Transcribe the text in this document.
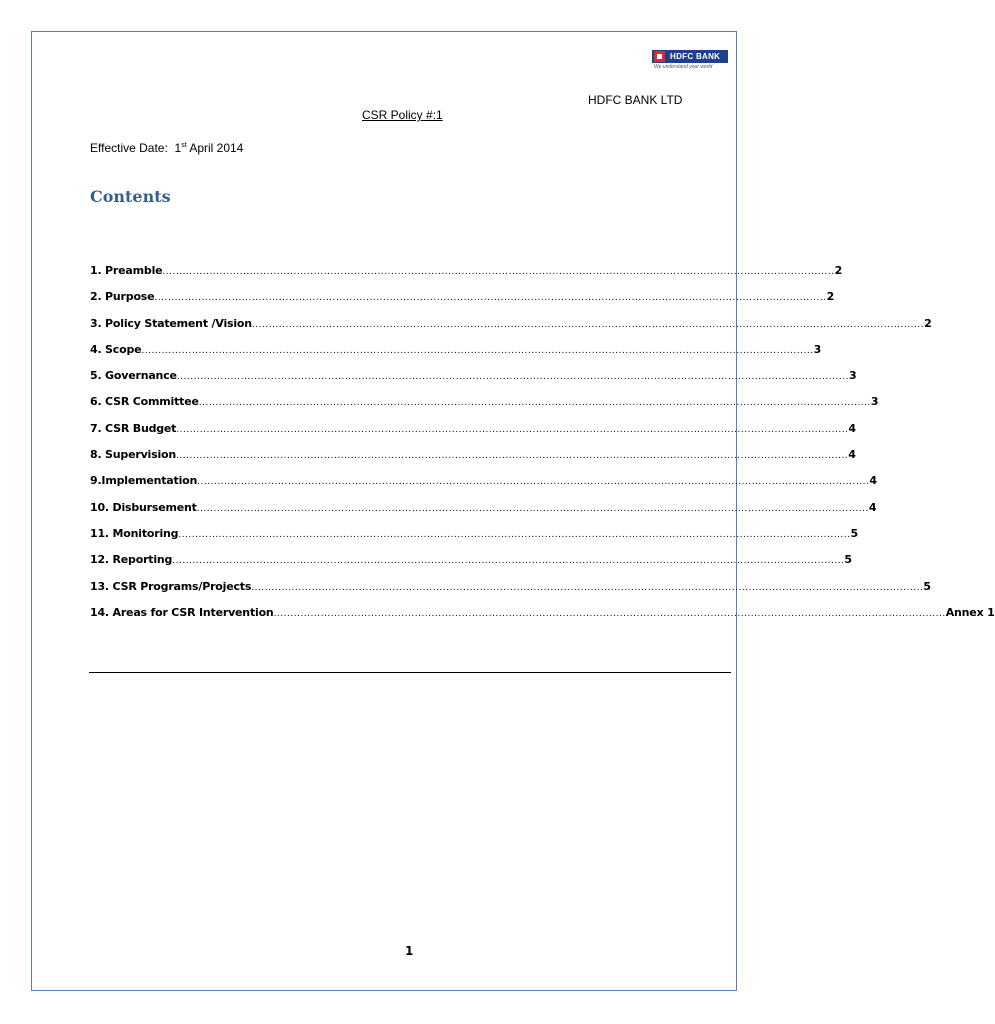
HDFC BANK
We understand your world
HDFC BANK LTD
CSR Policy #:1
Effective Date: 1st April 2014
Contents
1. Preamble ........................................................................................................................................................................................................ 2
2. Purpose ........................................................................................................................................................................................................ 2
3. Policy Statement /Vision ........................................................................................................................................................................................................ 2
4. Scope ........................................................................................................................................................................................................ 3
5. Governance ........................................................................................................................................................................................................ 3
6. CSR Committee ........................................................................................................................................................................................................ 3
7. CSR Budget ........................................................................................................................................................................................................ 4
8. Supervision ........................................................................................................................................................................................................ 4
9.Implementation ........................................................................................................................................................................................................ 4
10. Disbursement ........................................................................................................................................................................................................ 4
11. Monitoring ........................................................................................................................................................................................................ 5
12. Reporting ........................................................................................................................................................................................................ 5
13. CSR Programs/Projects ........................................................................................................................................................................................................ 5
14. Areas for CSR Intervention ........................................................................................................................................................................................................ Annex 1
1
